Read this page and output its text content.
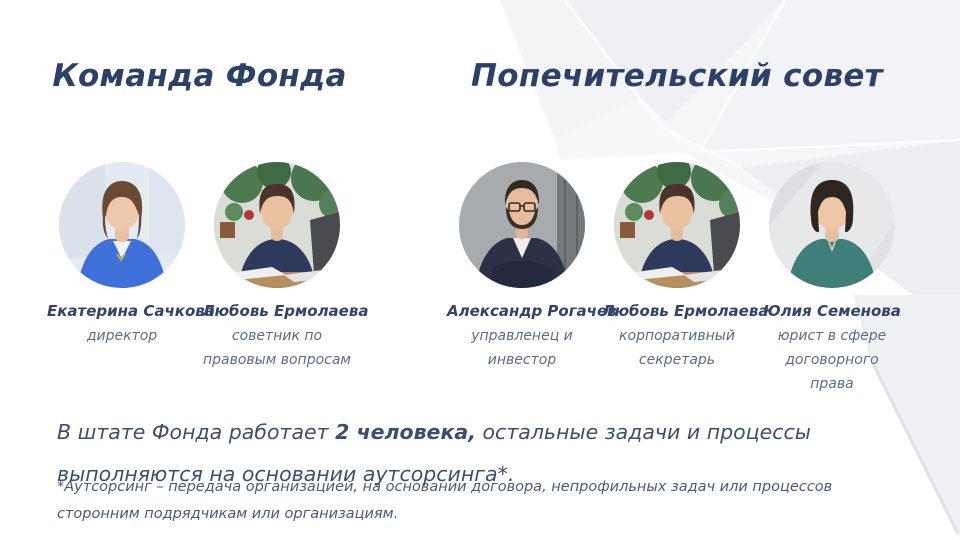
Команда Фонда	Попечительский совет
Екатерина Сачкова
директор
Любовь Ермолаева
советник по правовым вопросам
Александр Рогачев
управленец и инвестор
Любовь Ермолаева
корпоративный секретарь
Юлия Семенова
юрист в сфере договорного права

В штате Фонда работает 2 человека, остальные задачи и процессы выполняются на основании аутсорсинга*.

*Аутсорсинг – передача организацией, на основании договора, непрофильных задач или процессов сторонним подрядчикам или организациям.
